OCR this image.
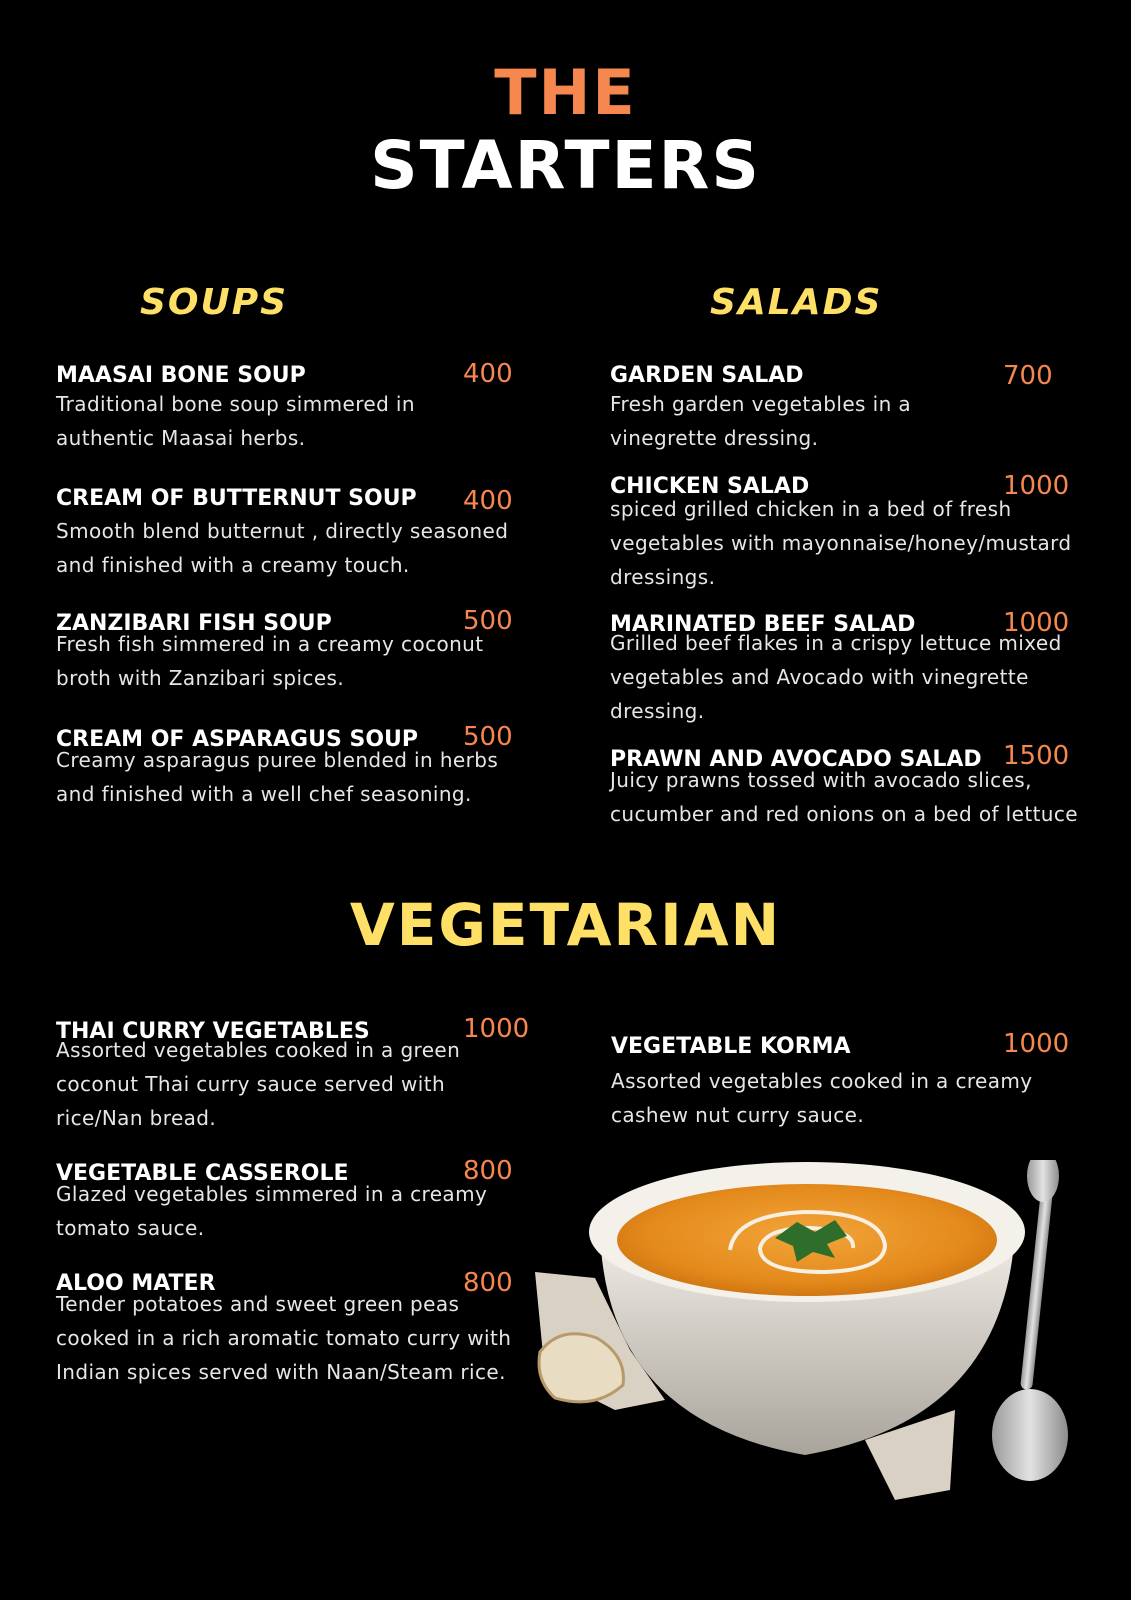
THE
STARTERS
SOUPS	SALADS
MAASAI BONE SOUP	400
Traditional bone soup simmered in
authentic Maasai herbs.
CREAM OF BUTTERNUT SOUP 400
Smooth blend butternut , directly seasoned
and finished with a creamy touch.
ZANZIBARI FISH SOUP	500
Fresh fish simmered in a creamy coconut
broth with Zanzibari spices.
CREAM OF ASPARAGUS SOUP 500
Creamy asparagus puree blended in herbs
and finished with a well chef seasoning.
GARDEN SALAD	700
Fresh garden vegetables in a
vinegrette dressing.
CHICKEN SALAD	1000
spiced grilled chicken in a bed of fresh
vegetables with mayonnaise/honey/mustard
dressings.
MARINATED BEEF SALAD	1000
Grilled beef flakes in a crispy lettuce mixed
vegetables and Avocado with vinegrette
dressing.
PRAWN AND AVOCADO SALAD 1500
Juicy prawns tossed with avocado slices,
cucumber and red onions on a bed of lettuce
VEGETARIAN
THAI CURRY VEGETABLES	1000
Assorted vegetables cooked in a green
coconut Thai curry sauce served with
rice/Nan bread.
VEGETABLE CASSEROLE	800
Glazed vegetables simmered in a creamy
tomato sauce.
ALOO MATER	800
Tender potatoes and sweet green peas
cooked in a rich aromatic tomato curry with
Indian spices served with Naan/Steam rice.
VEGETABLE KORMA	1000
Assorted vegetables cooked in a creamy
cashew nut curry sauce.
